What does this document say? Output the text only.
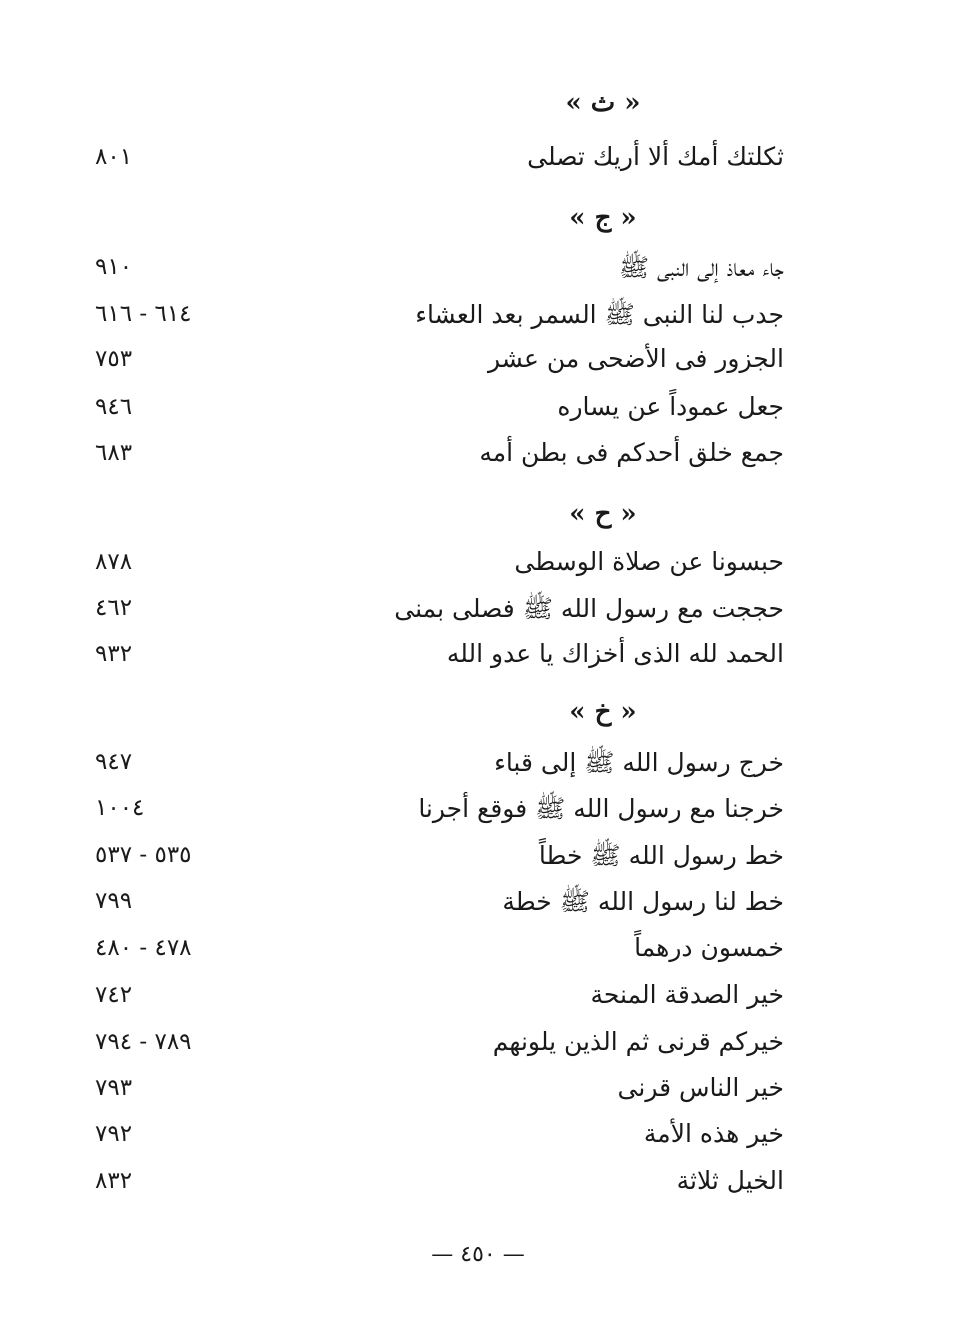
« ث »
ثكلتك أمك ألا أريك تصلى
٨٠١
« ج »
جاء معاذ إلى النبى ﷺ
٩١٠
جدب لنا النبى ﷺ السمر بعد العشاء
٦١٤ - ٦١٦
الجزور فى الأضحى من عشر
٧٥٣
جعل عموداً عن يساره
٩٤٦
جمع خلق أحدكم فى بطن أمه
٦٨٣
« ح »
حبسونا عن صلاة الوسطى
٨٧٨
حججت مع رسول الله ﷺ فصلى بمنى
٤٦٢
الحمد لله الذى أخزاك يا عدو الله
٩٣٢
« خ »
خرج رسول الله ﷺ إلى قباء
٩٤٧
خرجنا مع رسول الله ﷺ فوقع أجرنا
١٠٠٤
خط رسول الله ﷺ خطاً
٥٣٥ - ٥٣٧
خط لنا رسول الله ﷺ خطة
٧٩٩
خمسون درهماً
٤٧٨ - ٤٨٠
خير الصدقة المنحة
٧٤٢
خيركم قرنى ثم الذين يلونهم
٧٨٩ - ٧٩٤
خير الناس قرنى
٧٩٣
خير هذه الأمة
٧٩٢
الخيل ثلاثة
٨٣٢
— ٤٥٠ —
